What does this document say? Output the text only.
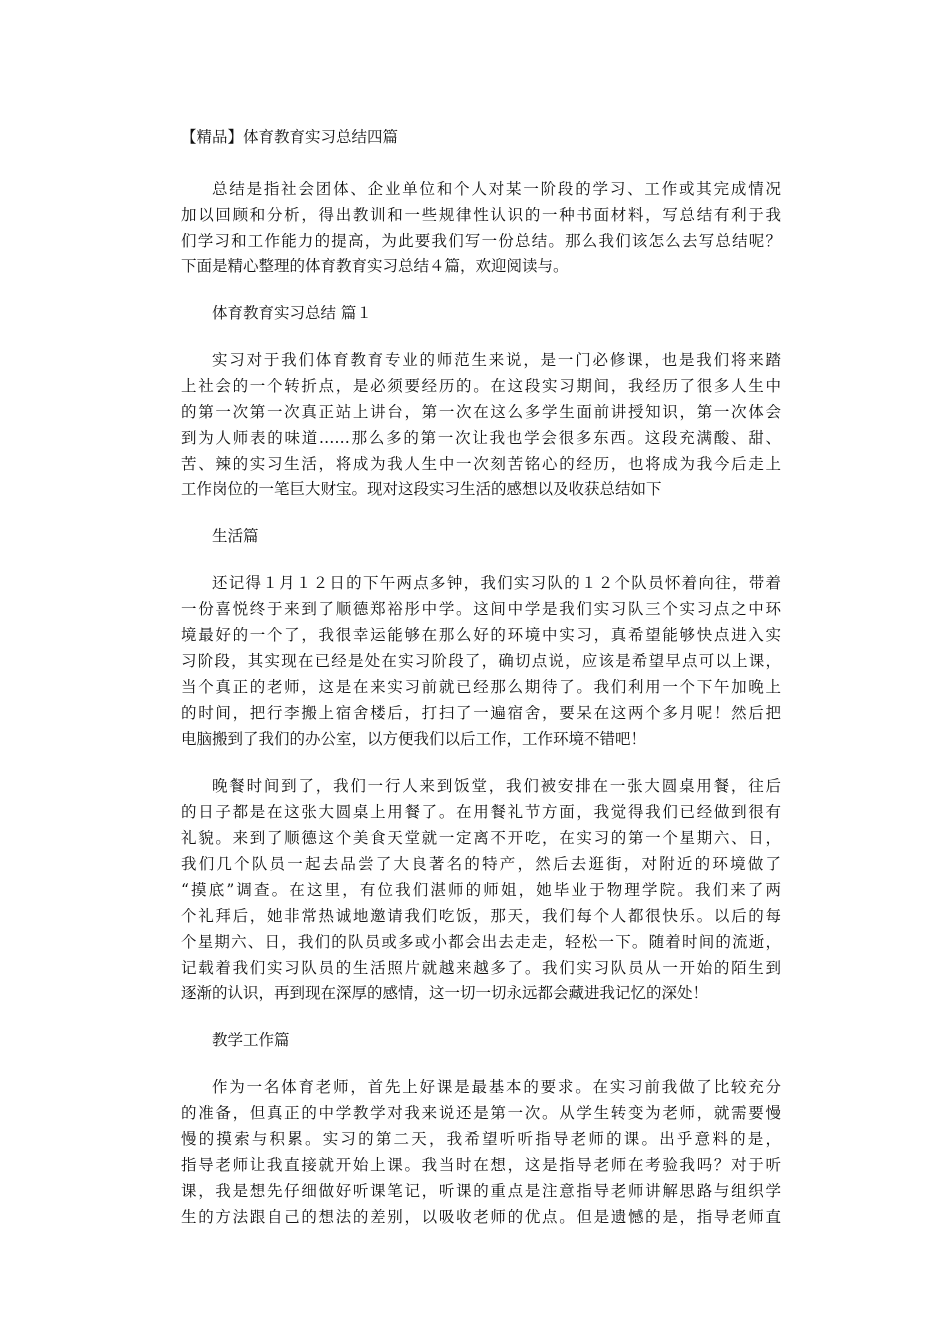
【精品】体育教育实习总结四篇
总结是指社会团体、企业单位和个人对某一阶段的学习、工作或其完成情况
加以回顾和分析，得出教训和一些规律性认识的一种书面材料，写总结有利于我
们学习和工作能力的提高，为此要我们写一份总结。那么我们该怎么去写总结呢？
下面是精心整理的体育教育实习总结４篇，欢迎阅读与。
体育教育实习总结 篇１
实习对于我们体育教育专业的师范生来说，是一门必修课，也是我们将来踏
上社会的一个转折点，是必须要经历的。在这段实习期间，我经历了很多人生中
的第一次第一次真正站上讲台，第一次在这么多学生面前讲授知识，第一次体会
到为人师表的味道……那么多的第一次让我也学会很多东西。这段充满酸、甜、
苦、辣的实习生活，将成为我人生中一次刻苦铭心的经历，也将成为我今后走上
工作岗位的一笔巨大财宝。现对这段实习生活的感想以及收获总结如下
生活篇
还记得１月１２日的下午两点多钟，我们实习队的１２个队员怀着向往，带着
一份喜悦终于来到了顺德郑裕彤中学。这间中学是我们实习队三个实习点之中环
境最好的一个了，我很幸运能够在那么好的环境中实习，真希望能够快点进入实
习阶段，其实现在已经是处在实习阶段了，确切点说，应该是希望早点可以上课，
当个真正的老师，这是在来实习前就已经那么期待了。我们利用一个下午加晚上
的时间，把行李搬上宿舍楼后，打扫了一遍宿舍，要呆在这两个多月呢！然后把
电脑搬到了我们的办公室，以方便我们以后工作，工作环境不错吧！
晚餐时间到了，我们一行人来到饭堂，我们被安排在一张大圆桌用餐，往后
的日子都是在这张大圆桌上用餐了。在用餐礼节方面，我觉得我们已经做到很有
礼貌。来到了顺德这个美食天堂就一定离不开吃，在实习的第一个星期六、日，
我们几个队员一起去品尝了大良著名的特产，然后去逛街，对附近的环境做了
“摸底”调查。在这里，有位我们湛师的师姐，她毕业于物理学院。我们来了两
个礼拜后，她非常热诚地邀请我们吃饭，那天，我们每个人都很快乐。以后的每
个星期六、日，我们的队员或多或小都会出去走走，轻松一下。随着时间的流逝，
记载着我们实习队员的生活照片就越来越多了。我们实习队员从一开始的陌生到
逐渐的认识，再到现在深厚的感情，这一切一切永远都会藏进我记忆的深处！
教学工作篇
作为一名体育老师，首先上好课是最基本的要求。在实习前我做了比较充分
的准备，但真正的中学教学对我来说还是第一次。从学生转变为老师，就需要慢
慢的摸索与积累。实习的第二天，我希望听听指导老师的课。出乎意料的是，
指导老师让我直接就开始上课。我当时在想，这是指导老师在考验我吗？对于听
课，我是想先仔细做好听课笔记，听课的重点是注意指导老师讲解思路与组织学
生的方法跟自己的想法的差别，以吸收老师的优点。但是遗憾的是，指导老师直
